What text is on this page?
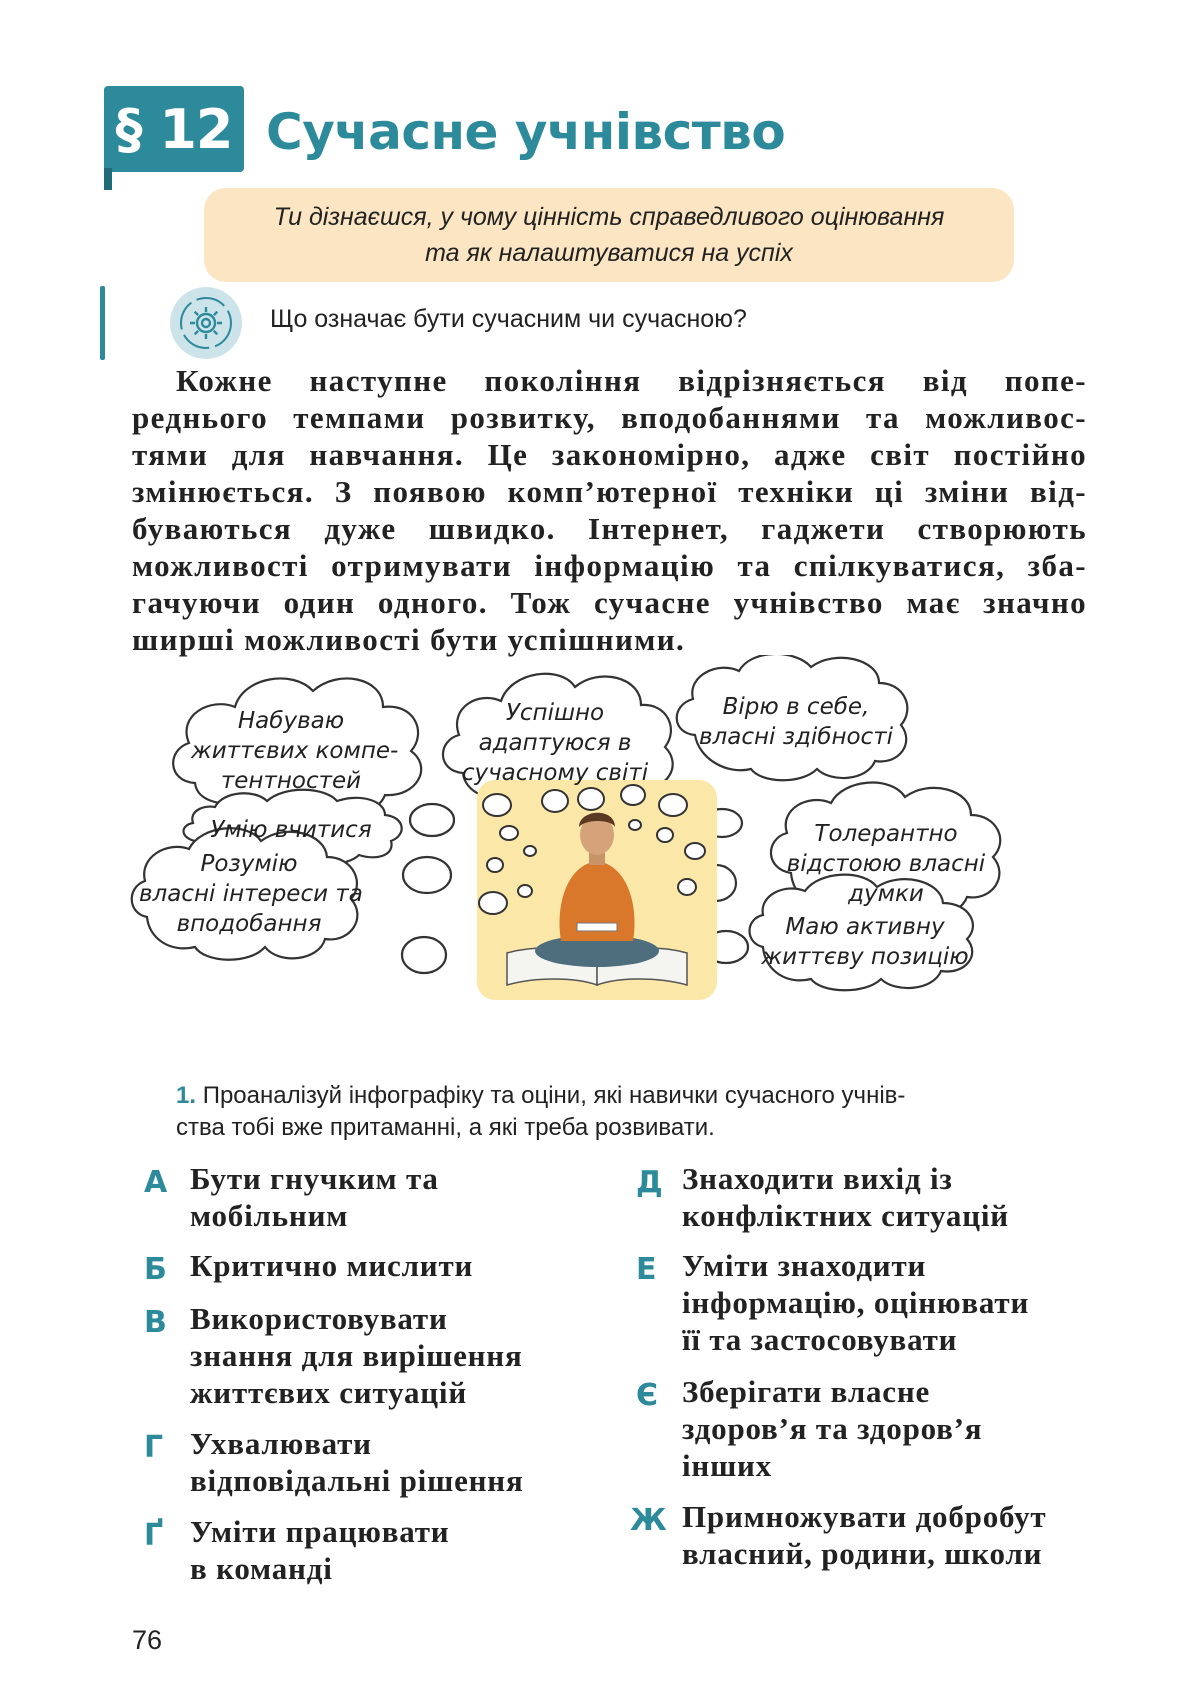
§ 12 Сучасне учнівство
Ти дізнаєшся, у чому цінність справедливого оцінювання
та як налаштуватися на успіх
Що означає бути сучасним чи сучасною?
Кожне наступне покоління відрізняється від попе-
реднього темпами розвитку, вподобаннями та можливос-
тями для навчання. Це закономірно, адже світ постійно
змінюється. З появою комп’ютерної техніки ці зміни від-
буваються дуже швидко. Інтернет, гаджети створюють
можливості отримувати інформацію та спілкуватися, зба-
гачуючи один одного. Тож сучасне учнівство має значно
ширші можливості бути успішними.
Набуваю
життєвих компе-
тентностей
Успішно
адаптуюся в
сучасному світі
Вірю в себе,
власні здібності
Умію вчитися	Толерантно
відстоюю власні
думки
Розумію
власні інтереси та
вподобання	Маю активну
життєву позицію
1. Проаналізуй інфографіку та оціни, які навички сучасного учнів-
ства тобі вже притаманні, а які треба розвивати.
А Бути гнучким та
мобільним
Б Критично мислити
В Використовувати
знання для вирішення
життєвих ситуацій
Г Ухвалювати
відповідальні рішення
Ґ Уміти працювати
в команді
Д Знаходити вихід із
конфліктних ситуацій
Е Уміти знаходити
інформацію, оцінювати
її та застосовувати
Є Зберігати власне
здоров’я та здоров’я
інших
Ж Примножувати добробут
власний, родини, школи
76
